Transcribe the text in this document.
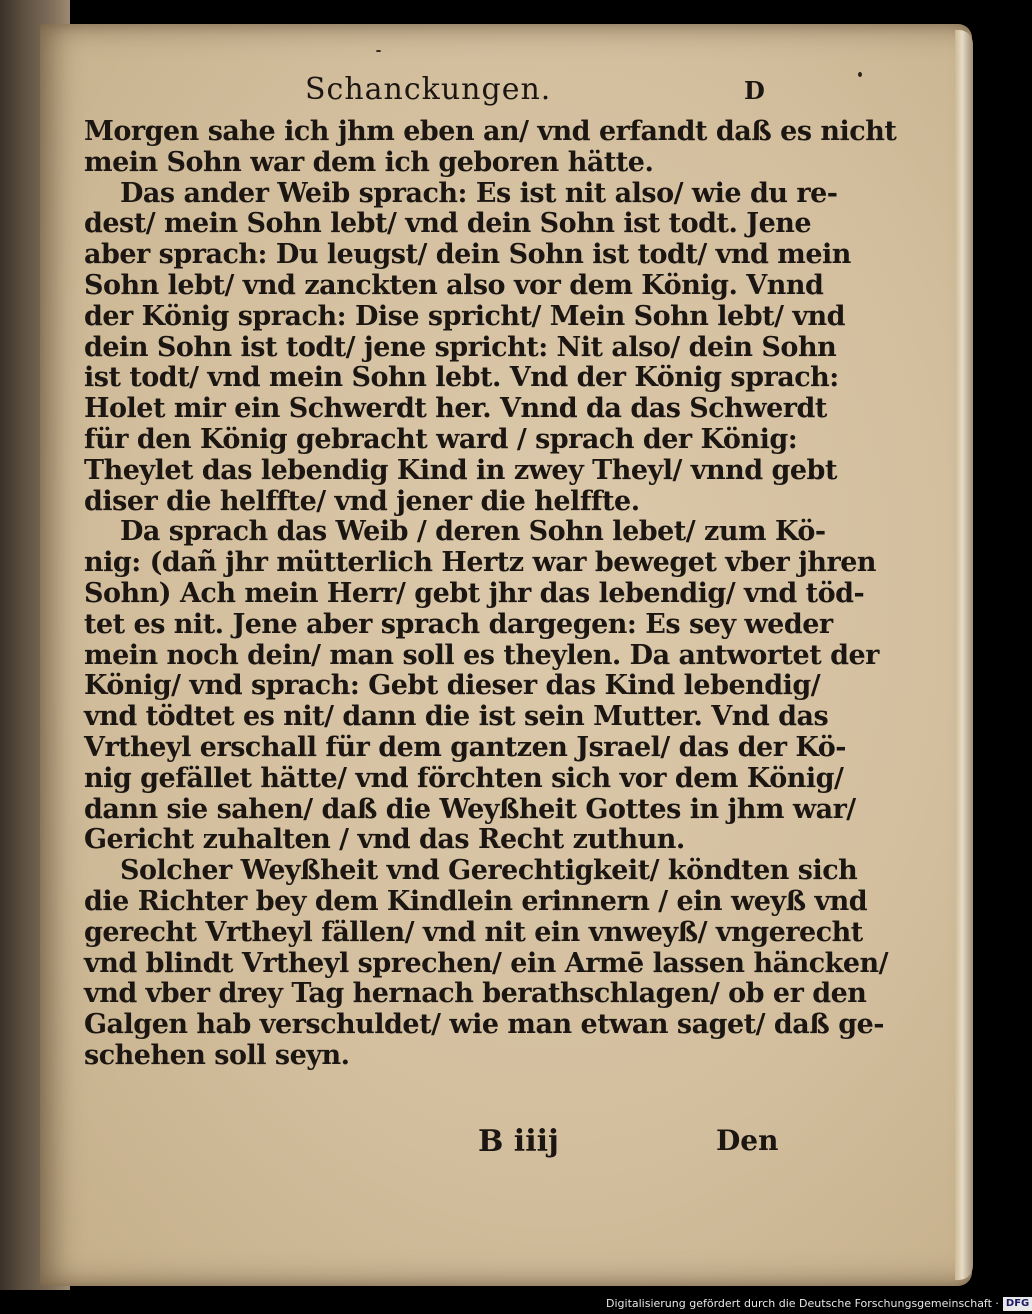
Schanckungen.	D
Morgen sahe ich jhm eben an/ vnd erfandt daß es nicht
mein Sohn war dem ich geboren hätte.
Das ander Weib sprach: Es ist nit also/ wie du re-
dest/ mein Sohn lebt/ vnd dein Sohn ist todt. Jene
aber sprach: Du leugst/ dein Sohn ist todt/ vnd mein
Sohn lebt/ vnd zanckten also vor dem König. Vnnd
der König sprach: Dise spricht/ Mein Sohn lebt/ vnd
dein Sohn ist todt/ jene spricht: Nit also/ dein Sohn
ist todt/ vnd mein Sohn lebt. Vnd der König sprach:
Holet mir ein Schwerdt her. Vnnd da das Schwerdt
für den König gebracht ward / sprach der König:
Theylet das lebendig Kind in zwey Theyl/ vnnd gebt
diser die helffte/ vnd jener die helffte.
Da sprach das Weib / deren Sohn lebet/ zum Kö-
nig: (dañ jhr mütterlich Hertz war beweget vber jhren
Sohn) Ach mein Herr/ gebt jhr das lebendig/ vnd töd-
tet es nit. Jene aber sprach dargegen: Es sey weder
mein noch dein/ man soll es theylen. Da antwortet der
König/ vnd sprach: Gebt dieser das Kind lebendig/
vnd tödtet es nit/ dann die ist sein Mutter. Vnd das
Vrtheyl erschall für dem gantzen Jsrael/ das der Kö-
nig gefället hätte/ vnd förchten sich vor dem König/
dann sie sahen/ daß die Weyßheit Gottes in jhm war/
Gericht zuhalten / vnd das Recht zuthun.
Solcher Weyßheit vnd Gerechtigkeit/ köndten sich
die Richter bey dem Kindlein erinnern / ein weyß vnd
gerecht Vrtheyl fällen/ vnd nit ein vnweyß/ vngerecht
vnd blindt Vrtheyl sprechen/ ein Armē lassen häncken/
vnd vber drey Tag hernach berathschlagen/ ob er den
Galgen hab verschuldet/ wie man etwan saget/ daß ge-
schehen soll seyn.
B iiij	Den
Digitalisierung gefördert durch die Deutsche Forschungsgemeinschaft · DFG
